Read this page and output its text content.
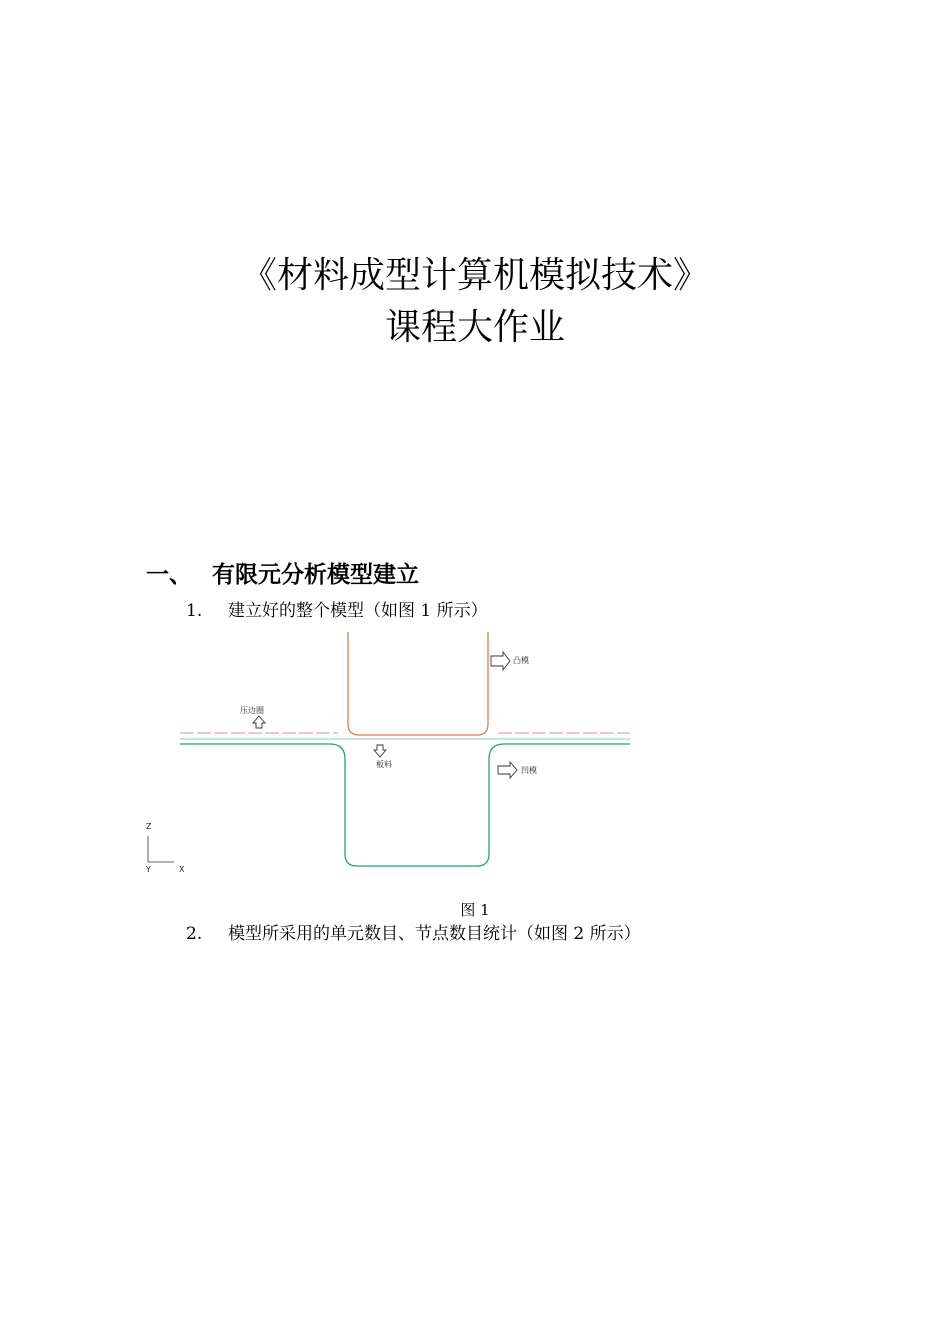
《材料成型计算机模拟技术》
课程大作业
一、 有限元分析模型建立
1. 建立好的整个模型（如图 1 所示）
凸模
压边圈
板料
凹模
Z
Y	X
图 1
2. 模型所采用的单元数目、节点数目统计（如图 2 所示）
